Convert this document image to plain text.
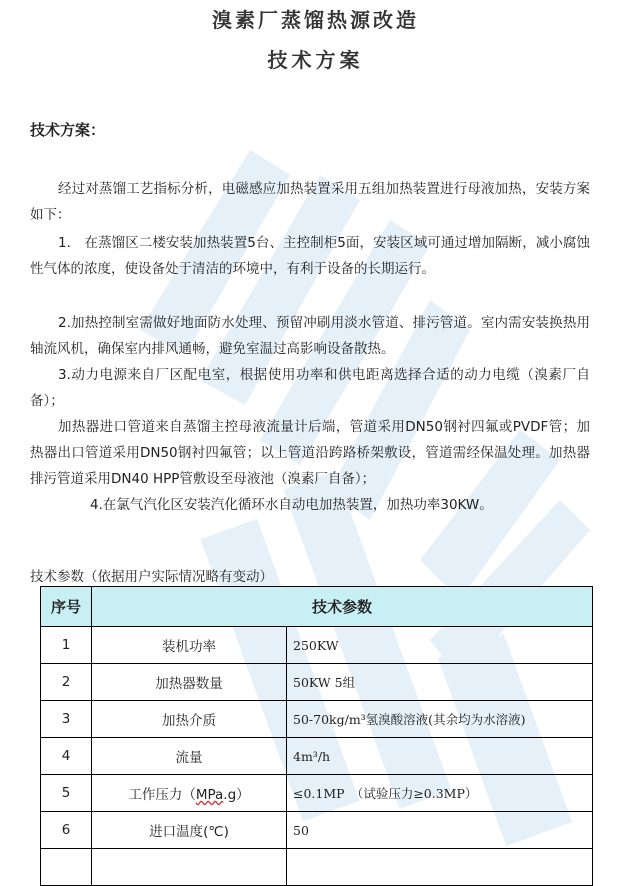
溴素厂蒸馏热源改造
技术方案
技术方案：
经过对蒸馏工艺指标分析，电磁感应加热装置采用五组加热装置进行母液加热，安装方案如下：
1.　在蒸馏区二楼安装加热装置5台、主控制柜5面，安装区域可通过增加隔断，减小腐蚀性气体的浓度，使设备处于清洁的环境中，有利于设备的长期运行。
2.加热控制室需做好地面防水处理、预留冲刷用淡水管道、排污管道。室内需安装换热用轴流风机，确保室内排风通畅，避免室温过高影响设备散热。
3.动力电源来自厂区配电室，根据使用功率和供电距离选择合适的动力电缆（溴素厂自备）；
加热器进口管道来自蒸馏主控母液流量计后端，管道采用DN50钢衬四氟或PVDF管；加热器出口管道采用DN50钢衬四氟管；以上管道沿跨路桥架敷设，管道需经保温处理。加热器排污管道采用DN40 HPP管敷设至母液池（溴素厂自备）；
4.在氯气汽化区安装汽化循环水自动电加热装置，加热功率30KW。
技术参数（依据用户实际情况略有变动）
序号	技术参数	
1	装机功率	250KW
2	加热器数量	50KW 5组
3	加热介质	50-70kg/m³氢溴酸溶液(其余均为水溶液)
4	流量	4m³/h
5	工作压力（MPa.g）	≤0.1MP　（试验压力≥0.3MP）
6	进口温度(℃)	50
